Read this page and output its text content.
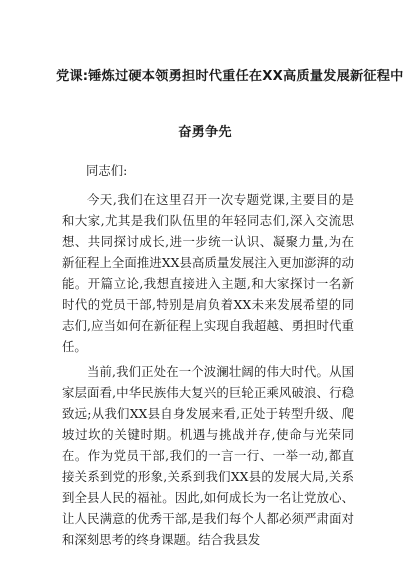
党课:锤炼过硬本领勇担时代重任在XX高质量发展新征程中
奋勇争先

同志们:

今天,我们在这里召开一次专题党课,主要目的是和大家,尤其是我们队伍里的年轻同志们,深入交流思想、共同探讨成长,进一步统一认识、凝聚力量,为在新征程上全面推进XX县高质量发展注入更加澎湃的动能。开篇立论,我想直接进入主题,和大家探讨一名新时代的党员干部,特别是肩负着XX未来发展希望的同志们,应当如何在新征程上实现自我超越、勇担时代重任。

当前,我们正处在一个波澜壮阔的伟大时代。从国家层面看,中华民族伟大复兴的巨轮正乘风破浪、行稳致远;从我们XX县自身发展来看,正处于转型升级、爬坡过坎的关键时期。机遇与挑战并存,使命与光荣同在。作为党员干部,我们的一言一行、一举一动,都直接关系到党的形象,关系到我们XX县的发展大局,关系到全县人民的福祉。因此,如何成长为一名让党放心、让人民满意的优秀干部,是我们每个人都必须严肃面对和深刻思考的终身课题。结合我县发
